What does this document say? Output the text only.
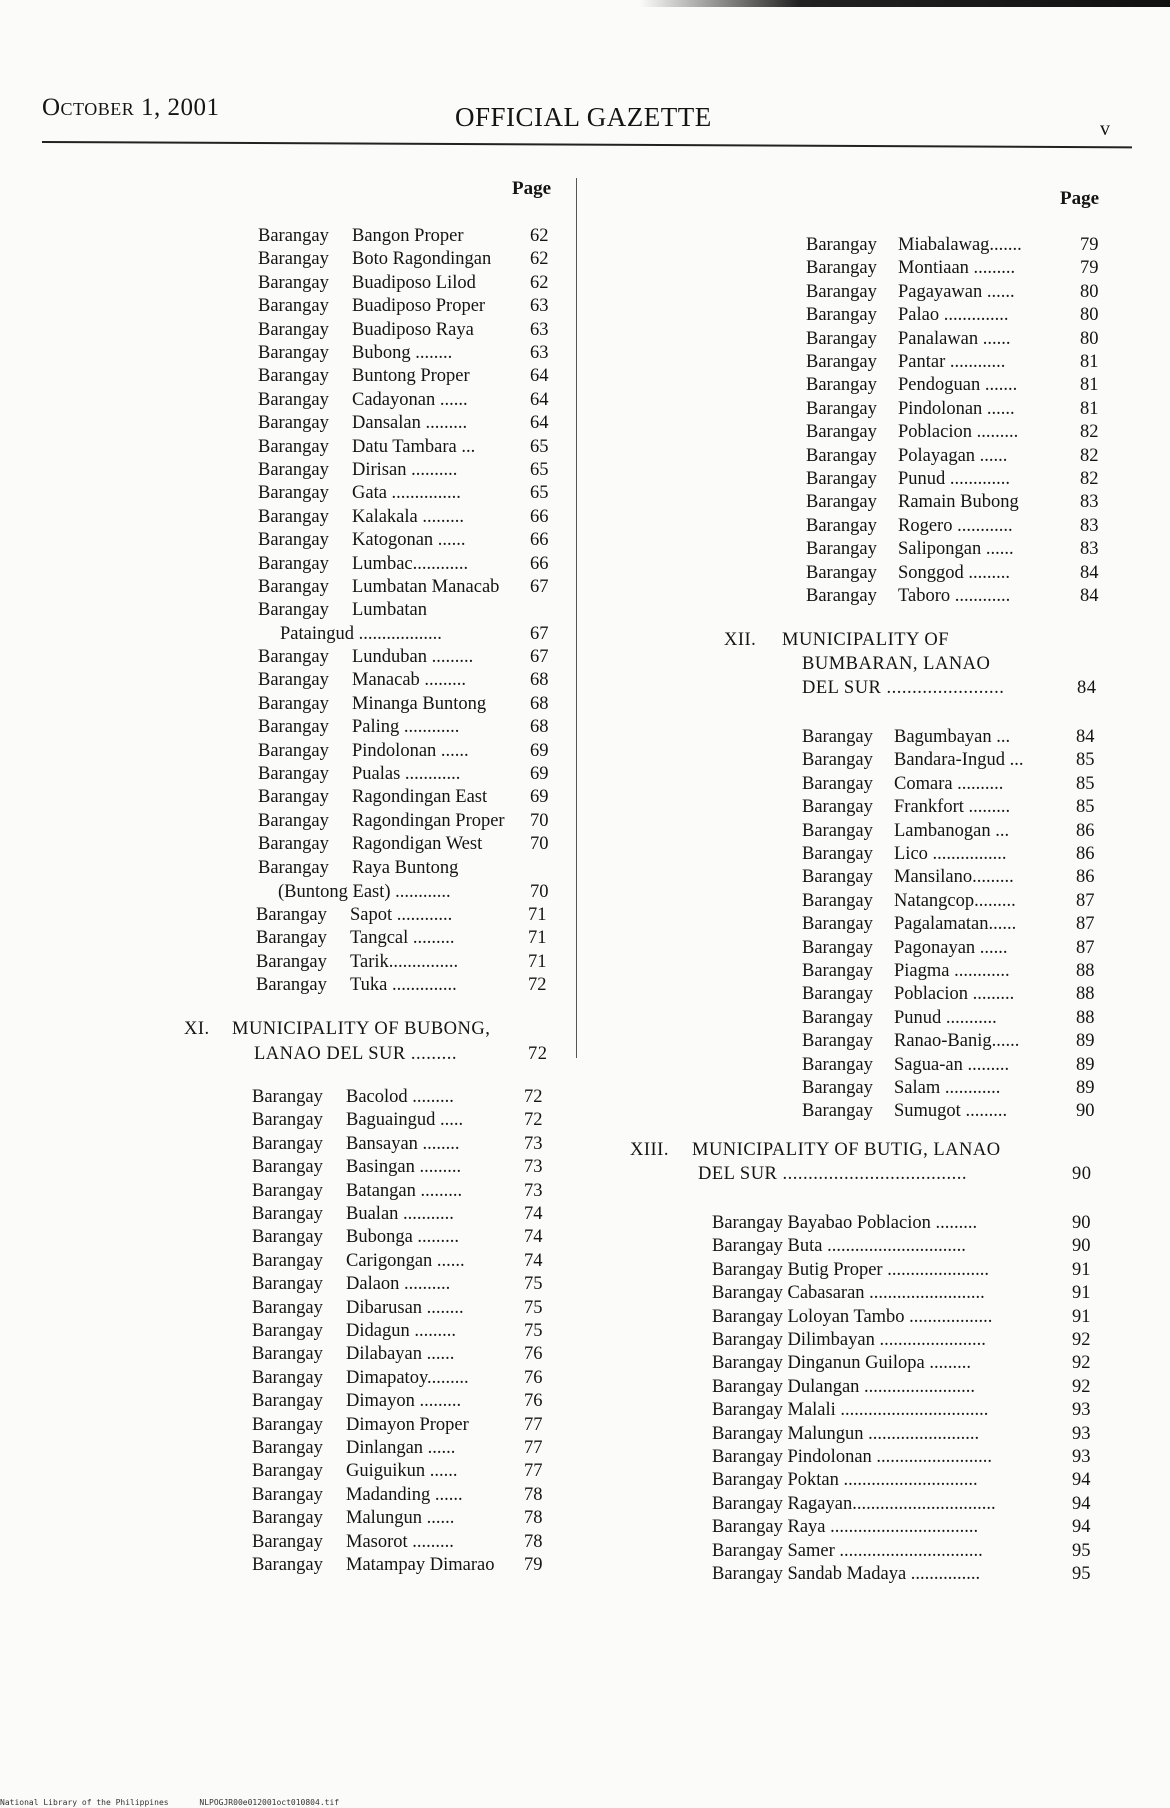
October 1, 2001	OFFICIAL GAZETTE	v
Page	Page
Barangay Bangon Proper	62
Barangay Boto Ragondingan	62
Barangay Buadiposo Lilod	62
Barangay Buadiposo Proper	63
Barangay Buadiposo Raya	63
Barangay Bubong ........	63
Barangay Buntong Proper	64
Barangay Cadayonan ......	64
Barangay Dansalan .........	64
Barangay Datu Tambara ...	65
Barangay Dirisan ..........	65
Barangay Gata ...............	65
Barangay Kalakala .........	66
Barangay Katogonan ......	66
Barangay Lumbac............	66
Barangay Lumbatan Manacab	67
Barangay Lumbatan
Pataingud ..................	67
Barangay Lunduban .........	67
Barangay Manacab .........	68
Barangay Minanga Buntong	68
Barangay Paling ............	68
Barangay Pindolonan ......	69
Barangay Pualas ............	69
Barangay Ragondingan East	69
Barangay Ragondingan Proper	70
Barangay Ragondigan West	70
Barangay Raya Buntong
(Buntong East) ............	70
Barangay Sapot ............	71
Barangay Tangcal .........	71
Barangay Tarik...............	71
Barangay Tuka ..............	72
XI. MUNICIPALITY OF BUBONG,
LANAO DEL SUR .........	72
Barangay Bacolod .........	72
Barangay Baguaingud .....	72
Barangay Bansayan ........	73
Barangay Basingan .........	73
Barangay Batangan .........	73
Barangay Bualan ...........	74
Barangay Bubonga .........	74
Barangay Carigongan ......	74
Barangay Dalaon ..........	75
Barangay Dibarusan ........	75
Barangay Didagun .........	75
Barangay Dilabayan ......	76
Barangay Dimapatoy.........	76
Barangay Dimayon .........	76
Barangay Dimayon Proper	77
Barangay Dinlangan ......	77
Barangay Guiguikun ......	77
Barangay Madanding ......	78
Barangay Malungun ......	78
Barangay Masorot .........	78
Barangay Matampay Dimarao	79
Barangay Miabalawag.......	79
Barangay Montiaan .........	79
Barangay Pagayawan ......	80
Barangay Palao ..............	80
Barangay Panalawan ......	80
Barangay Pantar ............	81
Barangay Pendoguan .......	81
Barangay Pindolonan ......	81
Barangay Poblacion .........	82
Barangay Polayagan ......	82
Barangay Punud .............	82
Barangay Ramain Bubong	83
Barangay Rogero ............	83
Barangay Salipongan ......	83
Barangay Songgod .........	84
Barangay Taboro ............	84
XII. MUNICIPALITY OF
BUMBARAN, LANAO
DEL SUR .......................	84
Barangay Bagumbayan ...	84
Barangay Bandara-Ingud ...	85
Barangay Comara ..........	85
Barangay Frankfort .........	85
Barangay Lambanogan ...	86
Barangay Lico ................	86
Barangay Mansilano.........	86
Barangay Natangcop.........	87
Barangay Pagalamatan......	87
Barangay Pagonayan ......	87
Barangay Piagma ............	88
Barangay Poblacion .........	88
Barangay Punud ...........	88
Barangay Ranao-Banig......	89
Barangay Sagua-an .........	89
Barangay Salam ............	89
Barangay Sumugot .........	90
XIII. MUNICIPALITY OF BUTIG, LANAO
DEL SUR ....................................	90
Barangay Bayabao Poblacion .........	90
Barangay Buta ..............................	90
Barangay Butig Proper ......................	91
Barangay Cabasaran .........................	91
Barangay Loloyan Tambo ..................	91
Barangay Dilimbayan .......................	92
Barangay Dinganun Guilopa .........	92
Barangay Dulangan ........................	92
Barangay Malali ................................	93
Barangay Malungun ........................	93
Barangay Pindolonan .........................	93
Barangay Poktan .............................	94
Barangay Ragayan...............................	94
Barangay Raya ................................	94
Barangay Samer ...............................	95
Barangay Sandab Madaya ...............	95
National Library of the Philippines	NLPOGJR00e012001oct010804.tif
